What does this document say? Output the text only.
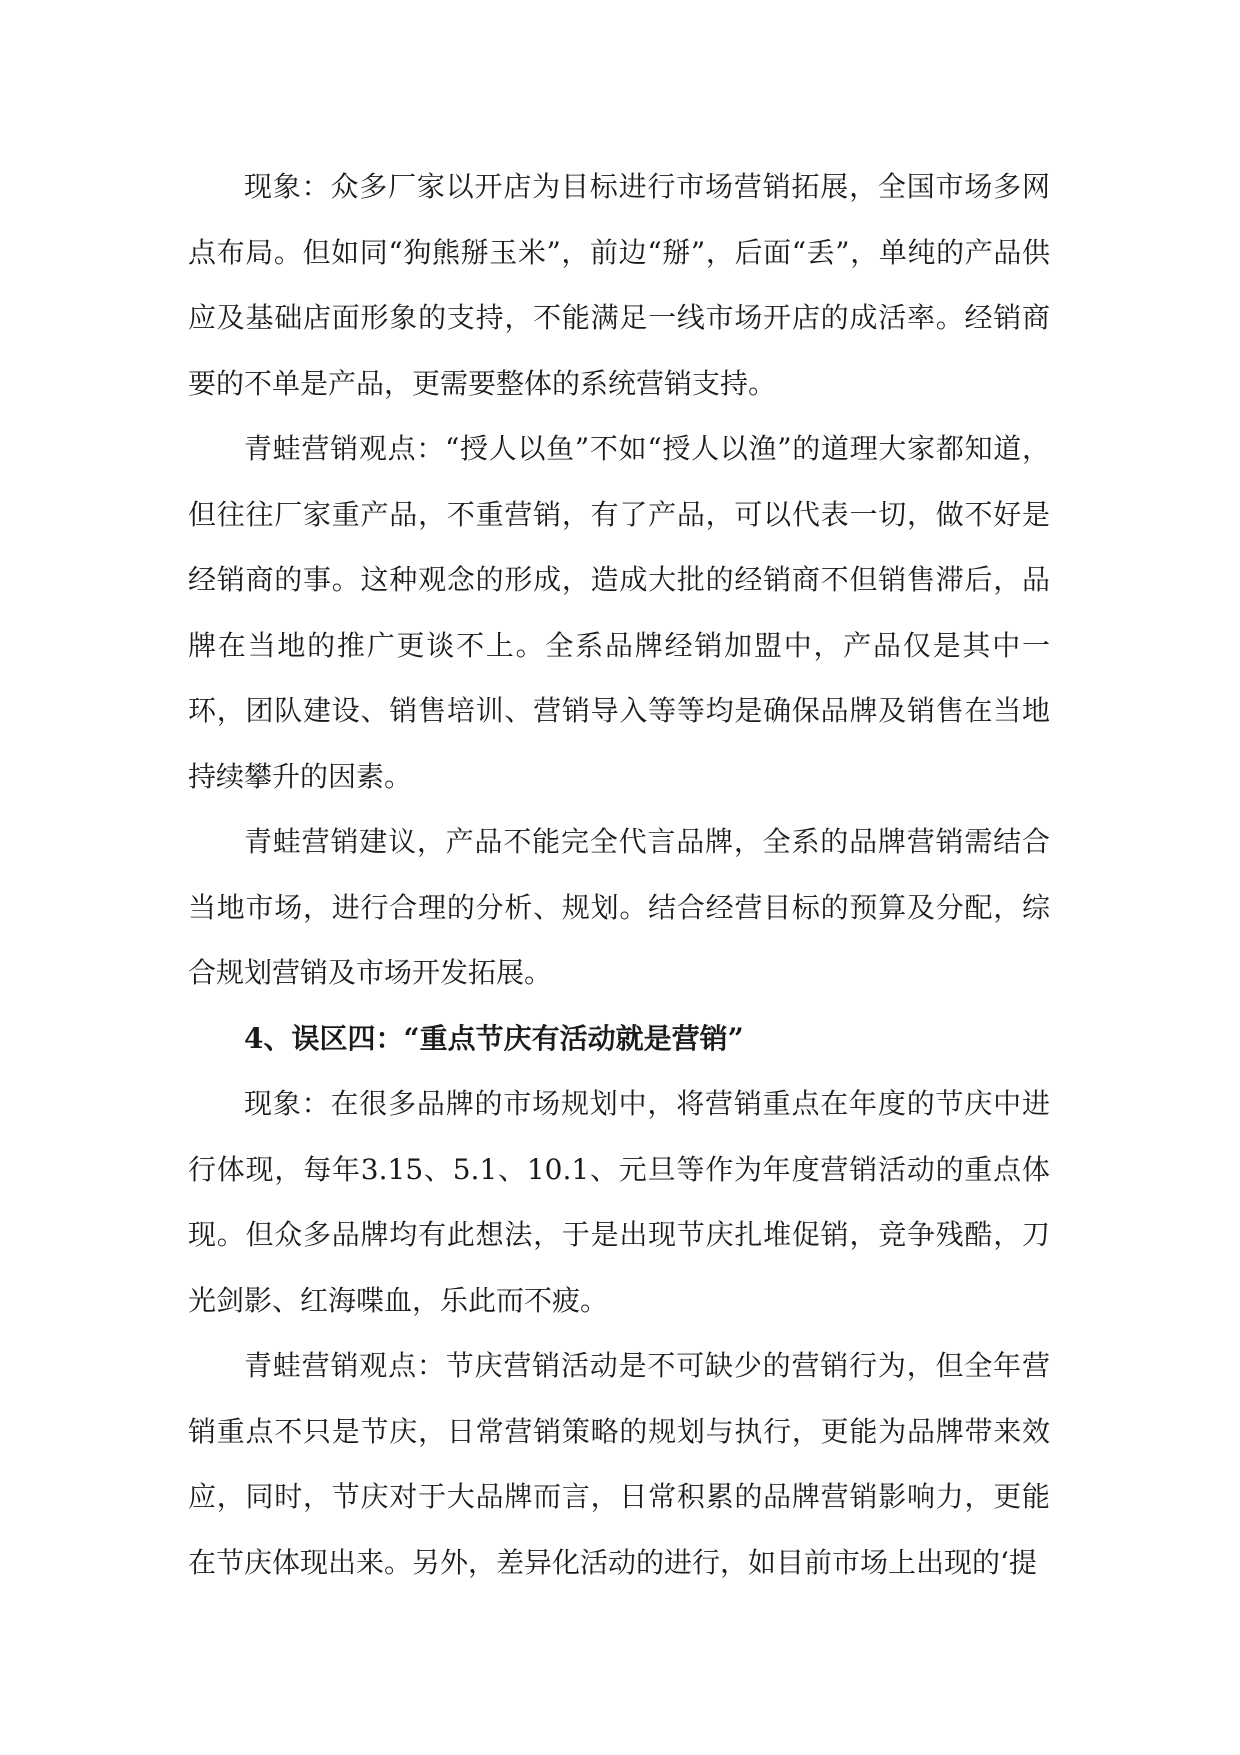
现象：众多厂家以开店为目标进行市场营销拓展，全国市场多网点布局。但如同“狗熊掰玉米”，前边“掰”，后面“丢”，单纯的产品供应及基础店面形象的支持，不能满足一线市场开店的成活率。经销商要的不单是产品，更需要整体的系统营销支持。

青蛙营销观点：“授人以鱼”不如“授人以渔”的道理大家都知道，但往往厂家重产品，不重营销，有了产品，可以代表一切，做不好是经销商的事。这种观念的形成，造成大批的经销商不但销售滞后，品牌在当地的推广更谈不上。全系品牌经销加盟中，产品仅是其中一环，团队建设、销售培训、营销导入等等均是确保品牌及销售在当地持续攀升的因素。

青蛙营销建议，产品不能完全代言品牌，全系的品牌营销需结合当地市场，进行合理的分析、规划。结合经营目标的预算及分配，综合规划营销及市场开发拓展。

4、误区四：“重点节庆有活动就是营销”

现象：在很多品牌的市场规划中，将营销重点在年度的节庆中进行体现，每年3.15、5.1、10.1、元旦等作为年度营销活动的重点体现。但众多品牌均有此想法，于是出现节庆扎堆促销，竞争残酷，刀光剑影、红海喋血，乐此而不疲。

青蛙营销观点：节庆营销活动是不可缺少的营销行为，但全年营销重点不只是节庆，日常营销策略的规划与执行，更能为品牌带来效应，同时，节庆对于大品牌而言，日常积累的品牌营销影响力，更能在节庆体现出来。另外，差异化活动的进行，如目前市场上出现的‘提
